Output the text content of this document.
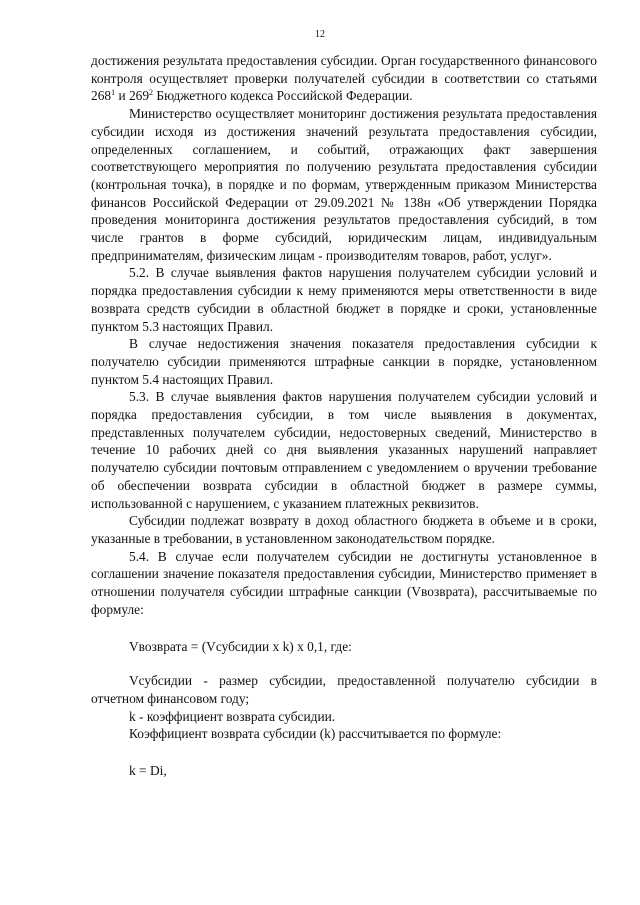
12

достижения результата предоставления субсидии. Орган государственного финансового контроля осуществляет проверки получателей субсидии в соответствии со статьями $268^1$ и $269^2$ Бюджетного кодекса Российской Федерации.

Министерство осуществляет мониторинг достижения результата предоставления субсидии исходя из достижения значений результата предоставления субсидии, определенных соглашением, и событий, отражающих факт завершения соответствующего мероприятия по получению результата предоставления субсидии (контрольная точка), в порядке и по формам, утвержденным приказом Министерства финансов Российской Федерации от 29.09.2021 № 138н «Об утверждении Порядка проведения мониторинга достижения результатов предоставления субсидий, в том числе грантов в форме субсидий, юридическим лицам, индивидуальным предпринимателям, физическим лицам - производителям товаров, работ, услуг».

5.2. В случае выявления фактов нарушения получателем субсидии условий и порядка предоставления субсидии к нему применяются меры ответственности в виде возврата средств субсидии в областной бюджет в порядке и сроки, установленные пунктом 5.3 настоящих Правил.

В случае недостижения значения показателя предоставления субсидии к получателю субсидии применяются штрафные санкции в порядке, установленном пунктом 5.4 настоящих Правил.

5.3. В случае выявления фактов нарушения получателем субсидии условий и порядка предоставления субсидии, в том числе выявления в документах, представленных получателем субсидии, недостоверных сведений, Министерство в течение 10 рабочих дней со дня выявления указанных нарушений направляет получателю субсидии почтовым отправлением с уведомлением о вручении требование об обеспечении возврата субсидии в областной бюджет в размере суммы, использованной с нарушением, с указанием платежных реквизитов.

Субсидии подлежат возврату в доход областного бюджета в объеме и в сроки, указанные в требовании, в установленном законодательством порядке.

5.4. В случае если получателем субсидии не достигнуты установленное в соглашении значение показателя предоставления субсидии, Министерство применяет в отношении получателя субсидии штрафные санкции (Vвозврата), рассчитываемые по формуле:

Vвозврата = (Vсубсидии x k) x 0,1, где:

Vсубсидии - размер субсидии, предоставленной получателю субсидии в отчетном финансовом году;

k - коэффициент возврата субсидии.

Коэффициент возврата субсидии (k) рассчитывается по формуле:

k = Di,
